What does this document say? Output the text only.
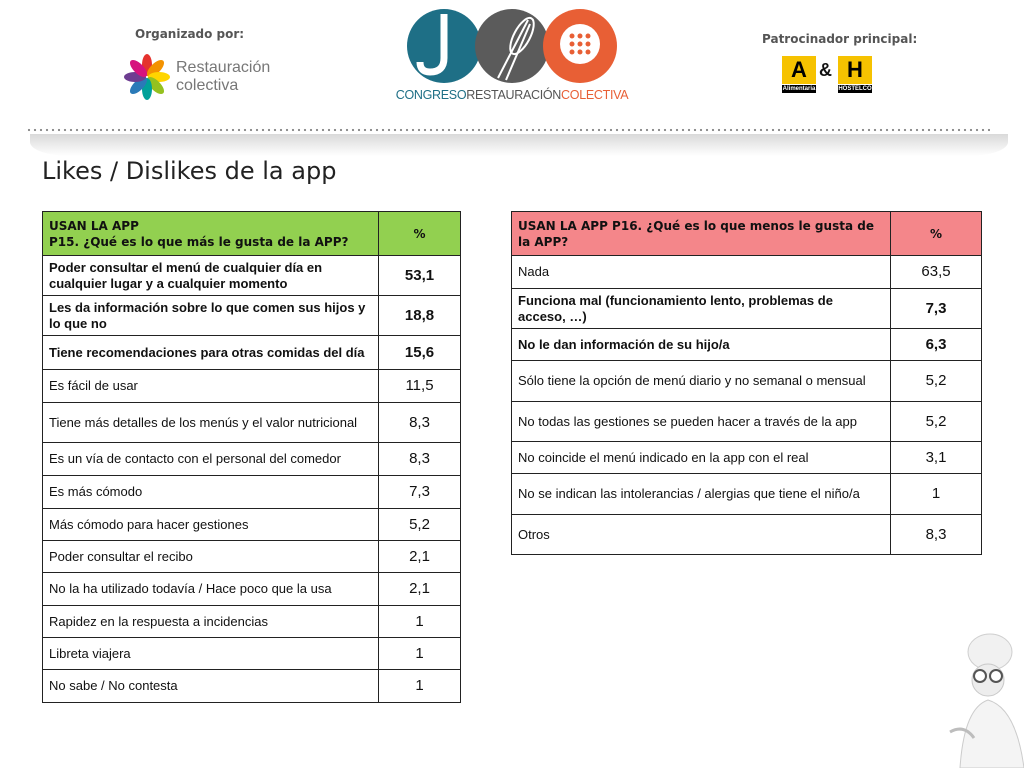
Organizado por:
Restauración
colectiva
CONGRESORESTAURACIÓNCOLECTIVA
Patrocinador principal:
A & H
Alimentaria	HOSTELCO
Likes / Dislikes de la app
USAN LA APP
P15. ¿Qué es lo que más le gusta de la APP?	%
Poder consultar el menú de cualquier día en cualquier lugar y a cualquier momento	53,1
Les da información sobre lo que comen sus hijos y lo que no	18,8
Tiene recomendaciones para otras comidas del día	15,6
Es fácil de usar	11,5
Tiene más detalles de los menús y el valor nutricional	8,3
Es un vía de contacto con el personal del comedor	8,3
Es más cómodo	7,3
Más cómodo para hacer gestiones	5,2
Poder consultar el recibo	2,1
No la ha utilizado todavía / Hace poco que la usa	2,1
Rapidez en la respuesta a incidencias	1
Libreta viajera	1
No sabe / No contesta	1
USAN LA APP P16. ¿Qué es lo que menos le gusta de la APP?	%
Nada	63,5
Funciona mal (funcionamiento lento, problemas de acceso, …)	7,3
No le dan información de su hijo/a	6,3
Sólo tiene la opción de menú diario y no semanal o mensual	5,2
No todas las gestiones se pueden hacer a través de la app	5,2
No coincide el menú indicado en la app con el real	3,1
No se indican las intolerancias / alergias que tiene el niño/a	1
Otros	8,3
